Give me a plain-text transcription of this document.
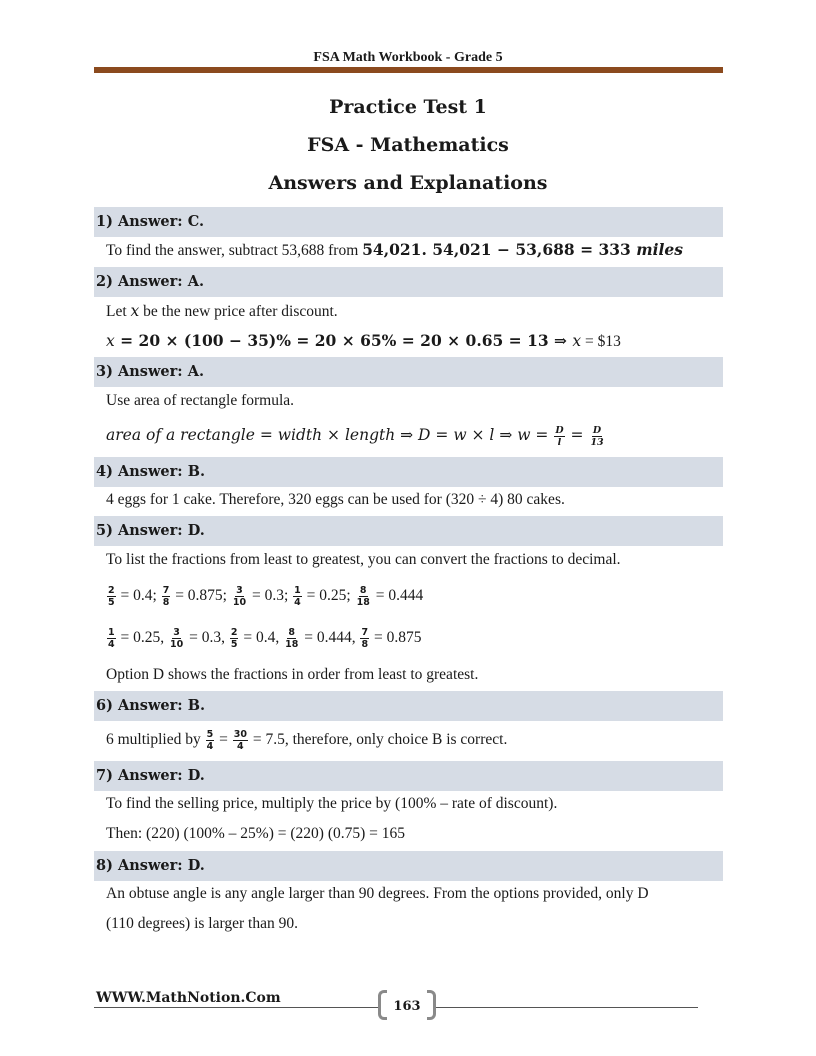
FSA Math Workbook - Grade 5
Practice Test 1
FSA - Mathematics
Answers and Explanations
1) Answer: C.
To find the answer, subtract 53,688 from 54,021. 54,021 − 53,688 = 333 miles
2) Answer: A.
Let x be the new price after discount.
x = 20 × (100 − 35)% = 20 × 65% = 20 × 0.65 = 13 ⇒ x = $13
3) Answer: A.
Use area of rectangle formula.
area of a rectangle = width × length ⇒ D = w × l ⇒ $w = \frac{D}{l} = \frac{D}{13}$
4) Answer: B.
4 eggs for 1 cake. Therefore, 320 eggs can be used for (320 ÷ 4) 80 cakes.
5) Answer: D.
To list the fractions from least to greatest, you can convert the fractions to decimal.
$\frac{2}{5} = 0.4$; $\frac{7}{8} = 0.875$; $\frac{3}{10} = 0.3$; $\frac{1}{4} = 0.25$; $\frac{8}{18} = 0.444$
$\frac{1}{4} = 0.25$, $\frac{3}{10} = 0.3$, $\frac{2}{5} = 0.4$, $\frac{8}{18} = 0.444$, $\frac{7}{8} = 0.875$
Option D shows the fractions in order from least to greatest.
6) Answer: B.
6 multiplied by $\frac{5}{4} = \frac{30}{4} = 7.5$, therefore, only choice B is correct.
7) Answer: D.
To find the selling price, multiply the price by (100% – rate of discount).
Then: (220) (100% – 25%) = (220) (0.75) = 165
8) Answer: D.
An obtuse angle is any angle larger than 90 degrees. From the options provided, only D
(110 degrees) is larger than 90.
WWW.MathNotion.Com
163
